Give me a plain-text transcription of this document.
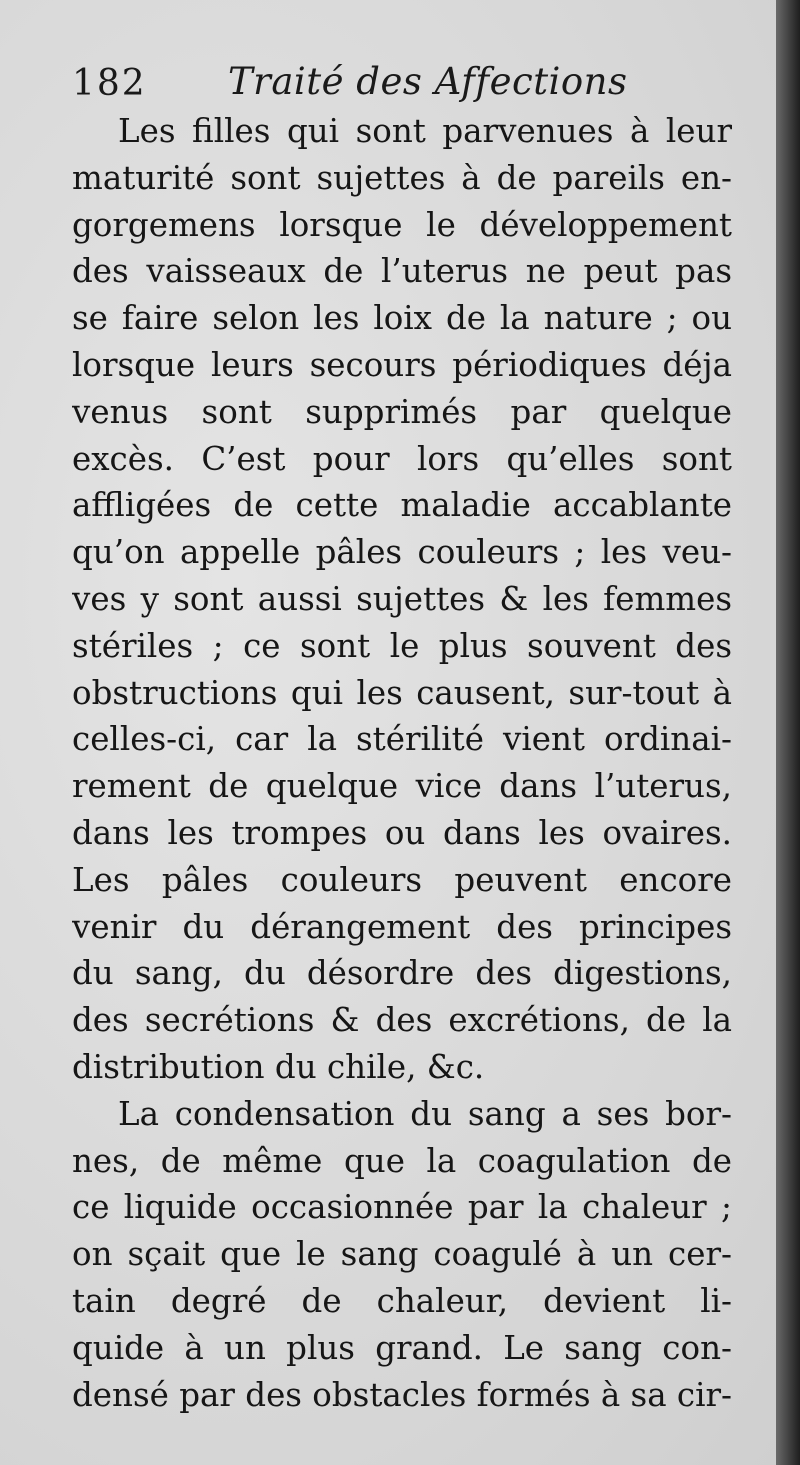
182 Traité des Affections
Les filles qui sont parvenues à leur
maturité sont sujettes à de pareils en-
gorgemens lorsque le développement
des vaisseaux de l’uterus ne peut pas
se faire selon les loix de la nature ; ou
lorsque leurs secours périodiques déja
venus sont supprimés par quelque
excès. C’est pour lors qu’elles sont
affligées de cette maladie accablante
qu’on appelle pâles couleurs ; les veu-
ves y sont aussi sujettes & les femmes
stériles ; ce sont le plus souvent des
obstructions qui les causent, sur-tout à
celles-ci, car la stérilité vient ordinai-
rement de quelque vice dans l’uterus,
dans les trompes ou dans les ovaires.
Les pâles couleurs peuvent encore
venir du dérangement des principes
du sang, du désordre des digestions,
des secrétions & des excrétions, de la
distribution du chile, &c.
La condensation du sang a ses bor-
nes, de même que la coagulation de
ce liquide occasionnée par la chaleur ;
on sçait que le sang coagulé à un cer-
tain degré de chaleur, devient li-
quide à un plus grand. Le sang con-
densé par des obstacles formés à sa cir-
